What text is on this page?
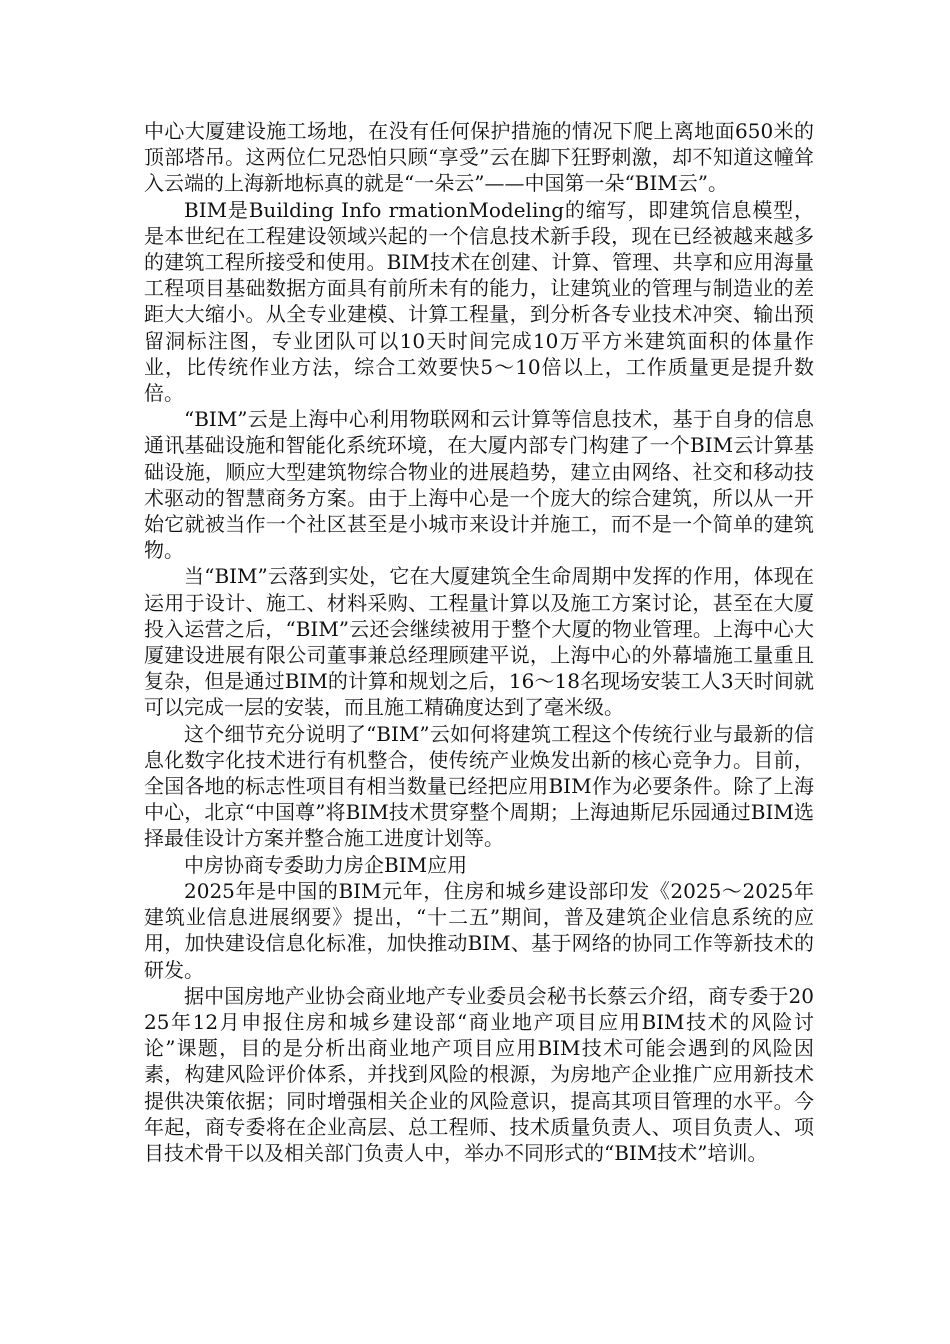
中心大厦建设施工场地，在没有任何保护措施的情况下爬上离地面650米的顶部塔吊。这两位仁兄恐怕只顾“享受”云在脚下狂野刺激，却不知道这幢耸入云端的上海新地标真的就是“一朵云”——中国第一朵“BIM云”。

BIM是Building Info rmationModeling的缩写，即建筑信息模型，是本世纪在工程建设领域兴起的一个信息技术新手段，现在已经被越来越多的建筑工程所接受和使用。BIM技术在创建、计算、管理、共享和应用海量工程项目基础数据方面具有前所未有的能力，让建筑业的管理与制造业的差距大大缩小。从全专业建模、计算工程量，到分析各专业技术冲突、输出预留洞标注图，专业团队可以10天时间完成10万平方米建筑面积的体量作业，比传统作业方法，综合工效要快5～10倍以上，工作质量更是提升数倍。

“BIM”云是上海中心利用物联网和云计算等信息技术，基于自身的信息通讯基础设施和智能化系统环境，在大厦内部专门构建了一个BIM云计算基础设施，顺应大型建筑物综合物业的进展趋势，建立由网络、社交和移动技术驱动的智慧商务方案。由于上海中心是一个庞大的综合建筑，所以从一开始它就被当作一个社区甚至是小城市来设计并施工，而不是一个简单的建筑物。

当“BIM”云落到实处，它在大厦建筑全生命周期中发挥的作用，体现在运用于设计、施工、材料采购、工程量计算以及施工方案讨论，甚至在大厦投入运营之后，“BIM”云还会继续被用于整个大厦的物业管理。上海中心大厦建设进展有限公司董事兼总经理顾建平说，上海中心的外幕墙施工量重且复杂，但是通过BIM的计算和规划之后，16～18名现场安装工人3天时间就可以完成一层的安装，而且施工精确度达到了毫米级。

这个细节充分说明了“BIM”云如何将建筑工程这个传统行业与最新的信息化数字化技术进行有机整合，使传统产业焕发出新的核心竞争力。目前，全国各地的标志性项目有相当数量已经把应用BIM作为必要条件。除了上海中心，北京“中国尊”将BIM技术贯穿整个周期；上海迪斯尼乐园通过BIM选择最佳设计方案并整合施工进度计划等。

中房协商专委助力房企BIM应用

2025年是中国的BIM元年，住房和城乡建设部印发《2025～2025年建筑业信息进展纲要》提出，“十二五”期间，普及建筑企业信息系统的应用，加快建设信息化标准，加快推动BIM、基于网络的协同工作等新技术的研发。

据中国房地产业协会商业地产专业委员会秘书长蔡云介绍，商专委于2025年12月申报住房和城乡建设部“商业地产项目应用BIM技术的风险讨论”课题，目的是分析出商业地产项目应用BIM技术可能会遇到的风险因素，构建风险评价体系，并找到风险的根源，为房地产企业推广应用新技术提供决策依据；同时增强相关企业的风险意识，提高其项目管理的水平。今年起，商专委将在企业高层、总工程师、技术质量负责人、项目负责人、项目技术骨干以及相关部门负责人中，举办不同形式的“BIM技术”培训。
